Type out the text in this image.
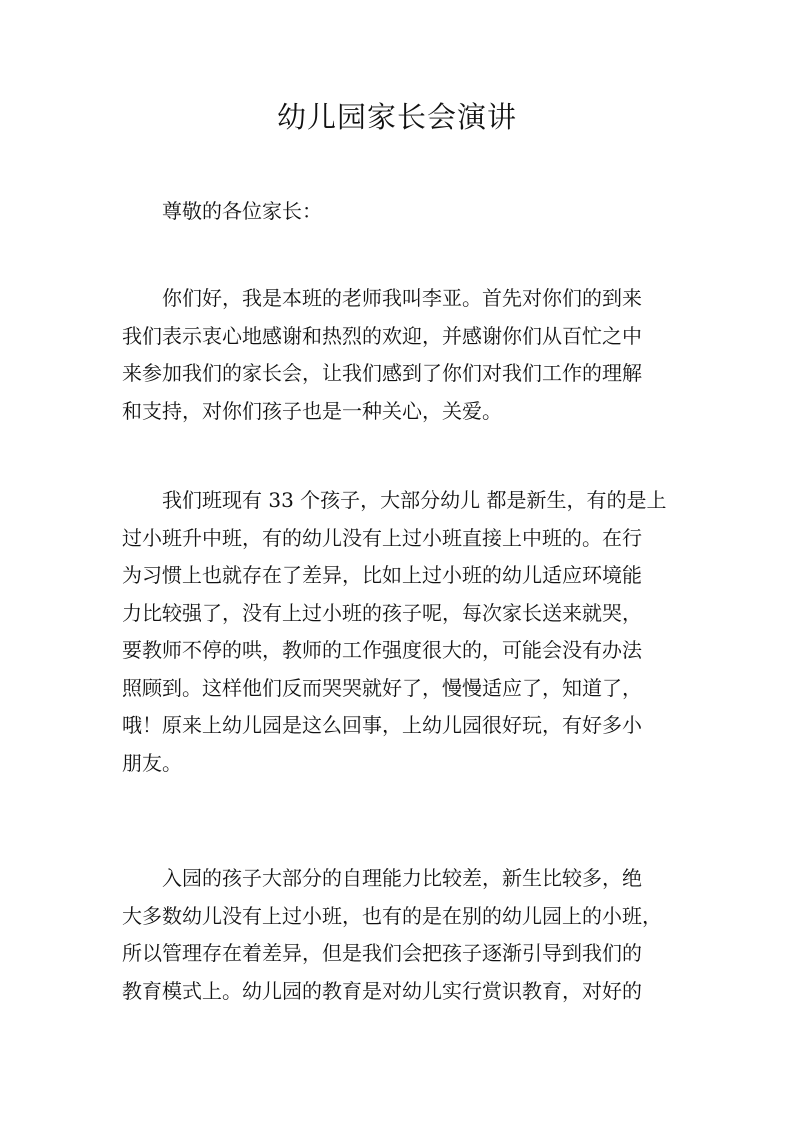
幼儿园家长会演讲
尊敬的各位家长：
你们好，我是本班的老师我叫李亚。首先对你们的到来
我们表示衷心地感谢和热烈的欢迎，并感谢你们从百忙之中
来参加我们的家长会，让我们感到了你们对我们工作的理解
和支持，对你们孩子也是一种关心，关爱。
我们班现有 33 个孩子，大部分幼儿 都是新生，有的是上
过小班升中班，有的幼儿没有上过小班直接上中班的。在行
为习惯上也就存在了差异，比如上过小班的幼儿适应环境能
力比较强了，没有上过小班的孩子呢，每次家长送来就哭，
要教师不停的哄，教师的工作强度很大的，可能会没有办法
照顾到。这样他们反而哭哭就好了，慢慢适应了，知道了，
哦！原来上幼儿园是这么回事，上幼儿园很好玩，有好多小
朋友。
入园的孩子大部分的自理能力比较差，新生比较多，绝
大多数幼儿没有上过小班，也有的是在别的幼儿园上的小班，
所以管理存在着差异，但是我们会把孩子逐渐引导到我们的
教育模式上。幼儿园的教育是对幼儿实行赏识教育，对好的
